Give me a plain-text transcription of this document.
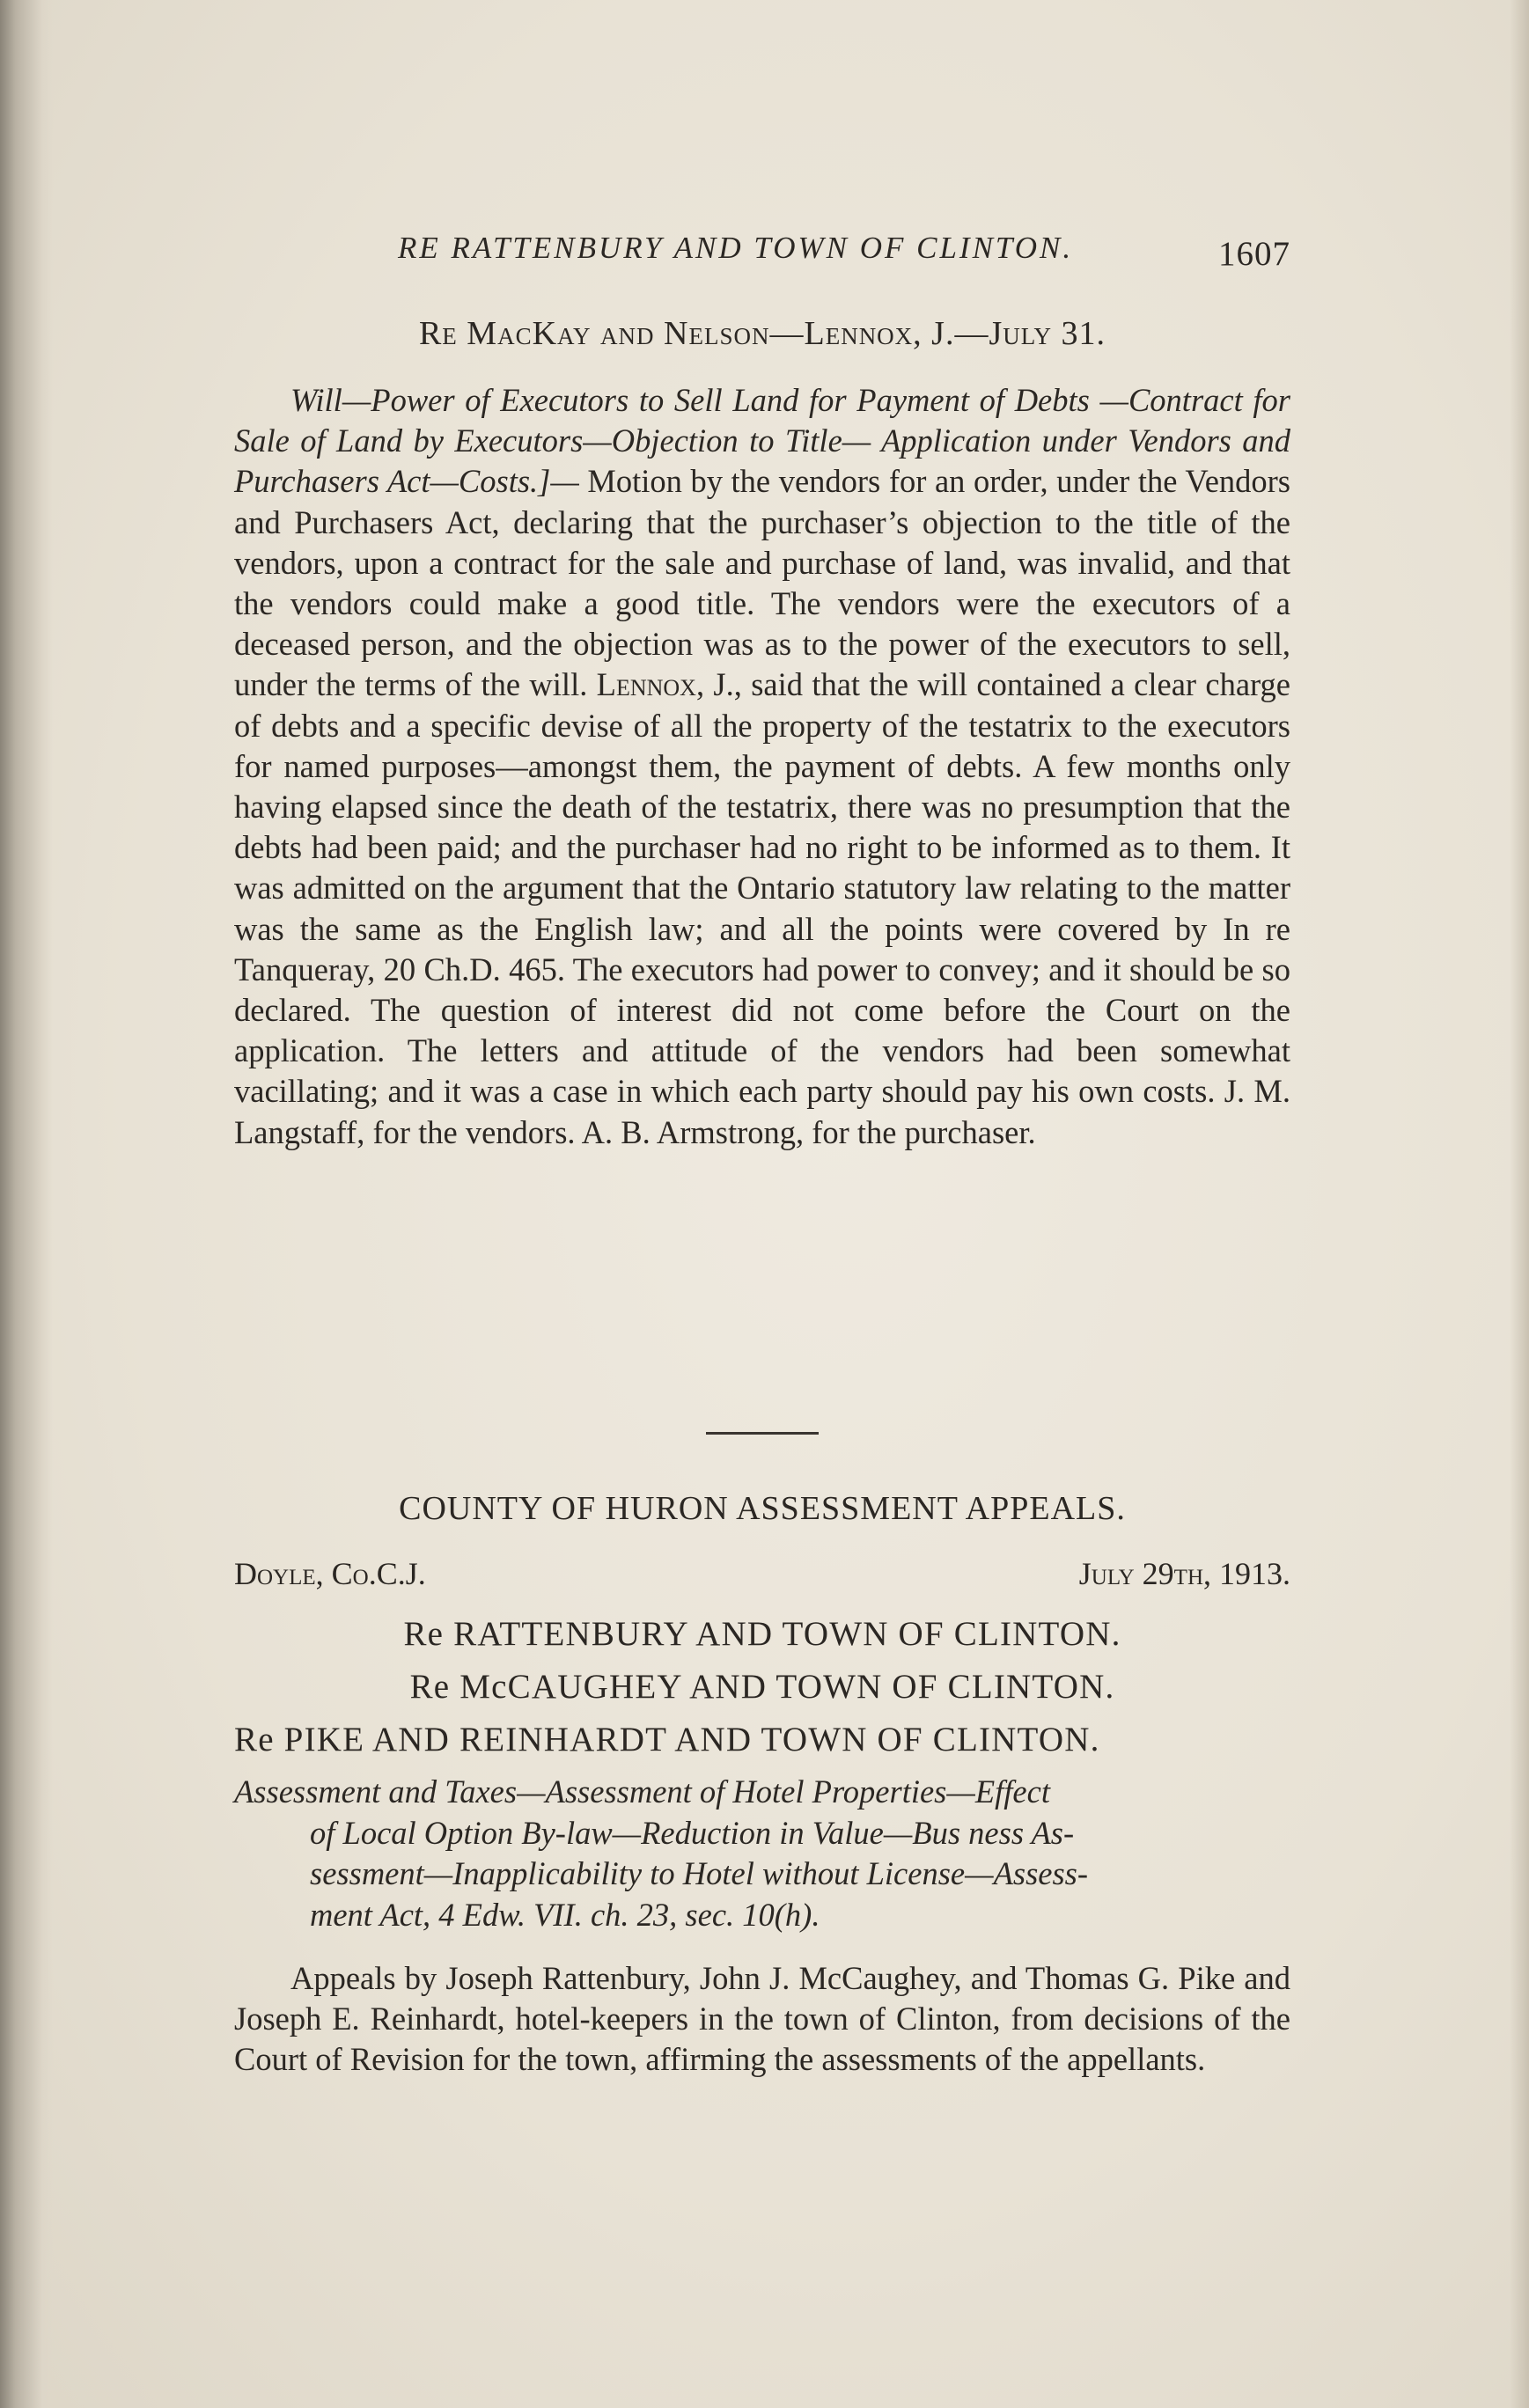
RE RATTENBURY AND TOWN OF CLINTON.	1607
Re MacKay and Nelson—Lennox, J.—July 31.
Will—Power of Executors to Sell Land for Payment of Debts —Contract for Sale of Land by Executors—Objection to Title— Application under Vendors and Purchasers Act—Costs.]— Motion by the vendors for an order, under the Vendors and Purchasers Act, declaring that the purchaser’s objection to the title of the vendors, upon a contract for the sale and purchase of land, was invalid, and that the vendors could make a good title. The vendors were the executors of a deceased person, and the objection was as to the power of the executors to sell, under the terms of the will. Lennox, J., said that the will contained a clear charge of debts and a specific devise of all the property of the testatrix to the executors for named purposes—amongst them, the payment of debts. A few months only having elapsed since the death of the testatrix, there was no presumption that the debts had been paid; and the purchaser had no right to be informed as to them. It was admitted on the argument that the Ontario statutory law relating to the matter was the same as the English law; and all the points were covered by In re Tanqueray, 20 Ch.D. 465. The executors had power to convey; and it should be so declared. The question of interest did not come before the Court on the application. The letters and attitude of the vendors had been somewhat vacillating; and it was a case in which each party should pay his own costs. J. M. Langstaff, for the vendors. A. B. Armstrong, for the purchaser.
COUNTY OF HURON ASSESSMENT APPEALS.
Doyle, Co.C.J.	July 29th, 1913.
Re RATTENBURY AND TOWN OF CLINTON.
Re McCAUGHEY AND TOWN OF CLINTON.
Re PIKE AND REINHARDT AND TOWN OF CLINTON.
Assessment and Taxes—Assessment of Hotel Properties—Effect
of Local Option By-law—Reduction in Value—Bus ness As-
sessment—Inapplicability to Hotel without License—Assess-
ment Act, 4 Edw. VII. ch. 23, sec. 10(h).
Appeals by Joseph Rattenbury, John J. McCaughey, and Thomas G. Pike and Joseph E. Reinhardt, hotel-keepers in the town of Clinton, from decisions of the Court of Revision for the town, affirming the assessments of the appellants.
